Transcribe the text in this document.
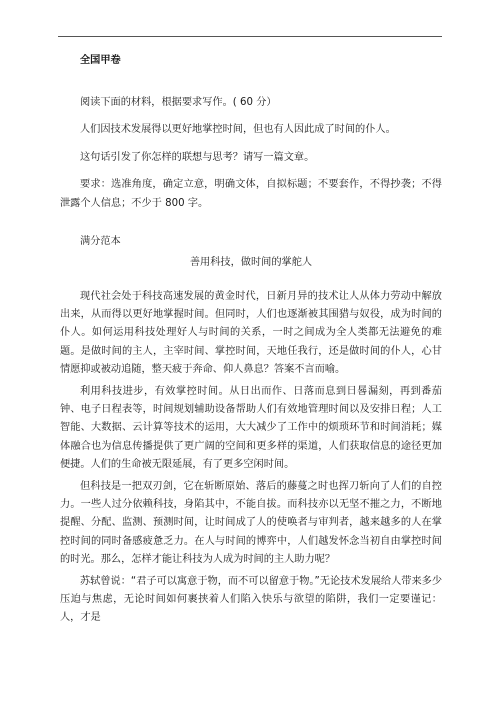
全国甲卷

阅读下面的材料，根据要求写作。( 60 分）

人们因技术发展得以更好地掌控时间，但也有人因此成了时间的仆人。

这句话引发了你怎样的联想与思考？请写一篇文章。

要求：选准角度，确定立意，明确文体，自拟标题；不要套作，不得抄袭；不得泄露个人信息；不少于 800 字。

满分范本

善用科技，做时间的掌舵人

现代社会处于科技高速发展的黄金时代，日新月异的技术让人从体力劳动中解放出来，从而得以更好地掌握时间。但同时，人们也逐渐被其围猎与奴役，成为时间的仆人。如何运用科技处理好人与时间的关系，一时之间成为全人类都无法避免的难题。是做时间的主人，主宰时间、掌控时间，天地任我行，还是做时间的仆人，心甘情愿抑或被动追随，整天疲于奔命、仰人鼻息？答案不言而喻。

利用科技进步，有效掌控时间。从日出而作、日落而息到日晷漏刻，再到番茄钟、电子日程表等，时间规划辅助设备帮助人们有效地管理时间以及安排日程；人工智能、大数据、云计算等技术的运用，大大减少了工作中的烦琐环节和时间消耗；媒体融合也为信息传播提供了更广阔的空间和更多样的渠道，人们获取信息的途径更加便捷。人们的生命被无限延展，有了更多空闲时间。

但科技是一把双刃剑，它在斩断原始、落后的藤蔓之时也挥刀斩向了人们的自控力。一些人过分依赖科技，身陷其中，不能自拔。而科技亦以无坚不摧之力，不断地提醒、分配、监测、预测时间，让时间成了人的使唤者与审判者，越来越多的人在掌控时间的同时备感疲惫乏力。在人与时间的博弈中，人们越发怀念当初自由掌控时间的时光。那么，怎样才能让科技为人成为时间的主人助力呢？

苏轼曾说：“君子可以寓意于物，而不可以留意于物。”无论技术发展给人带来多少压迫与焦虑，无论时间如何裹挟着人们陷入快乐与欲望的陷阱，我们一定要谨记：人，才是
